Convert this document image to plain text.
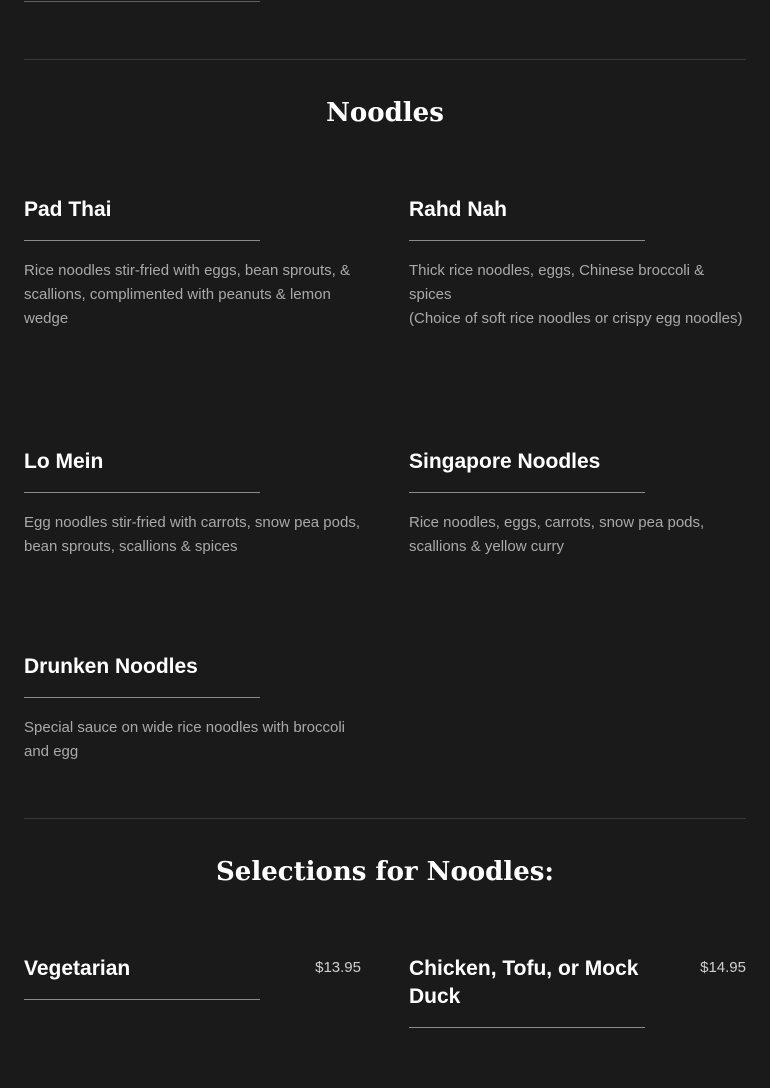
Noodles
Pad Thai
Rice noodles stir-fried with eggs, bean sprouts, & scallions, complimented with peanuts & lemon wedge
Rahd Nah
Thick rice noodles, eggs, Chinese broccoli & spices
(Choice of soft rice noodles or crispy egg noodles)
Lo Mein
Egg noodles stir-fried with carrots, snow pea pods, bean sprouts, scallions & spices
Singapore Noodles
Rice noodles, eggs, carrots, snow pea pods, scallions & yellow curry
Drunken Noodles
Special sauce on wide rice noodles with broccoli and egg
Selections for Noodles:
Vegetarian	$13.95 Chicken, Tofu, or Mock Duck
$14.95
